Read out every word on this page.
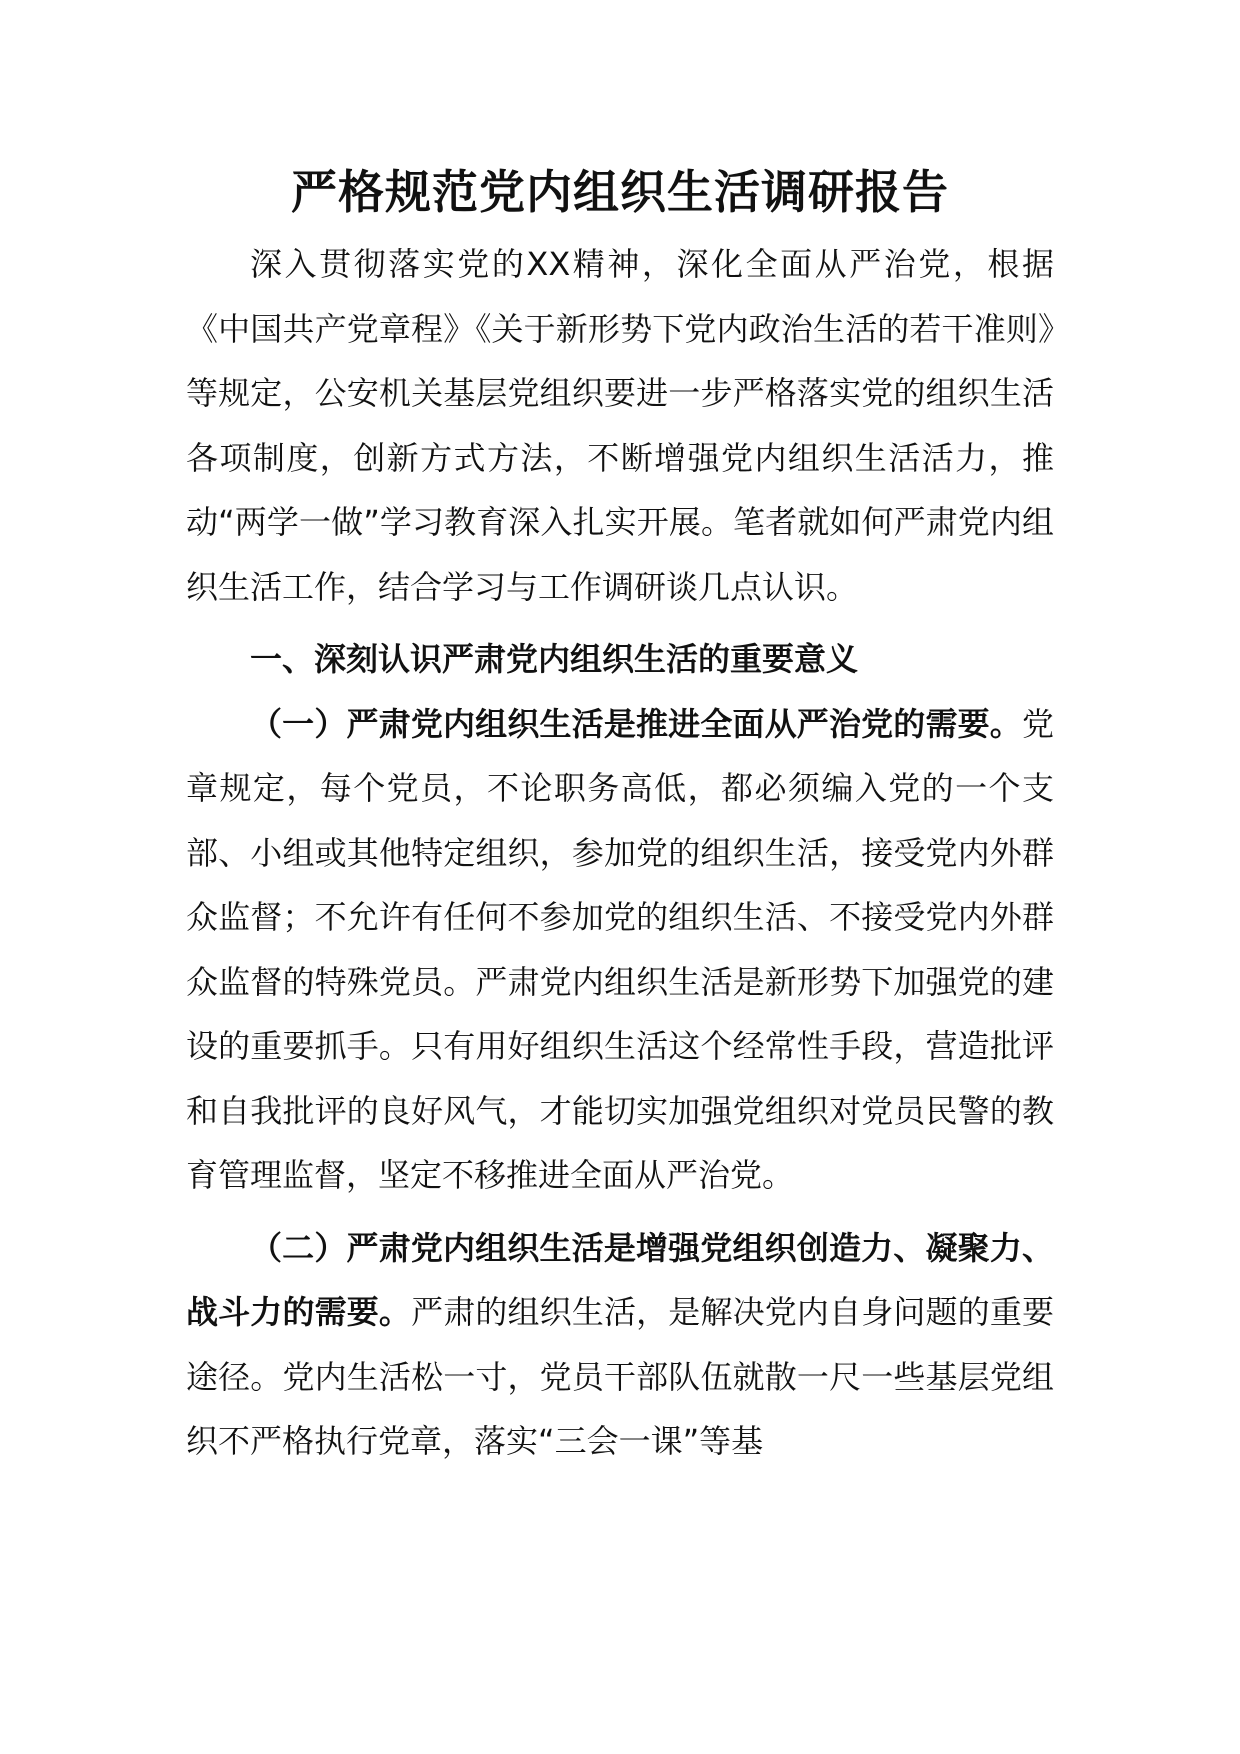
严格规范党内组织生活调研报告

深入贯彻落实党的XX精神，深化全面从严治党，根据《中国共产党章程》《关于新形势下党内政治生活的若干准则》等规定，公安机关基层党组织要进一步严格落实党的组织生活各项制度，创新方式方法，不断增强党内组织生活活力，推动“两学一做”学习教育深入扎实开展。笔者就如何严肃党内组织生活工作，结合学习与工作调研谈几点认识。

一、深刻认识严肃党内组织生活的重要意义

（一）严肃党内组织生活是推进全面从严治党的需要。党章规定，每个党员，不论职务高低，都必须编入党的一个支部、小组或其他特定组织，参加党的组织生活，接受党内外群众监督；不允许有任何不参加党的组织生活、不接受党内外群众监督的特殊党员。严肃党内组织生活是新形势下加强党的建设的重要抓手。只有用好组织生活这个经常性手段，营造批评和自我批评的良好风气，才能切实加强党组织对党员民警的教育管理监督，坚定不移推进全面从严治党。

（二）严肃党内组织生活是增强党组织创造力、凝聚力、战斗力的需要。严肃的组织生活，是解决党内自身问题的重要途径。党内生活松一寸，党员干部队伍就散一尺一些基层党组织不严格执行党章，落实“三会一课”等基
